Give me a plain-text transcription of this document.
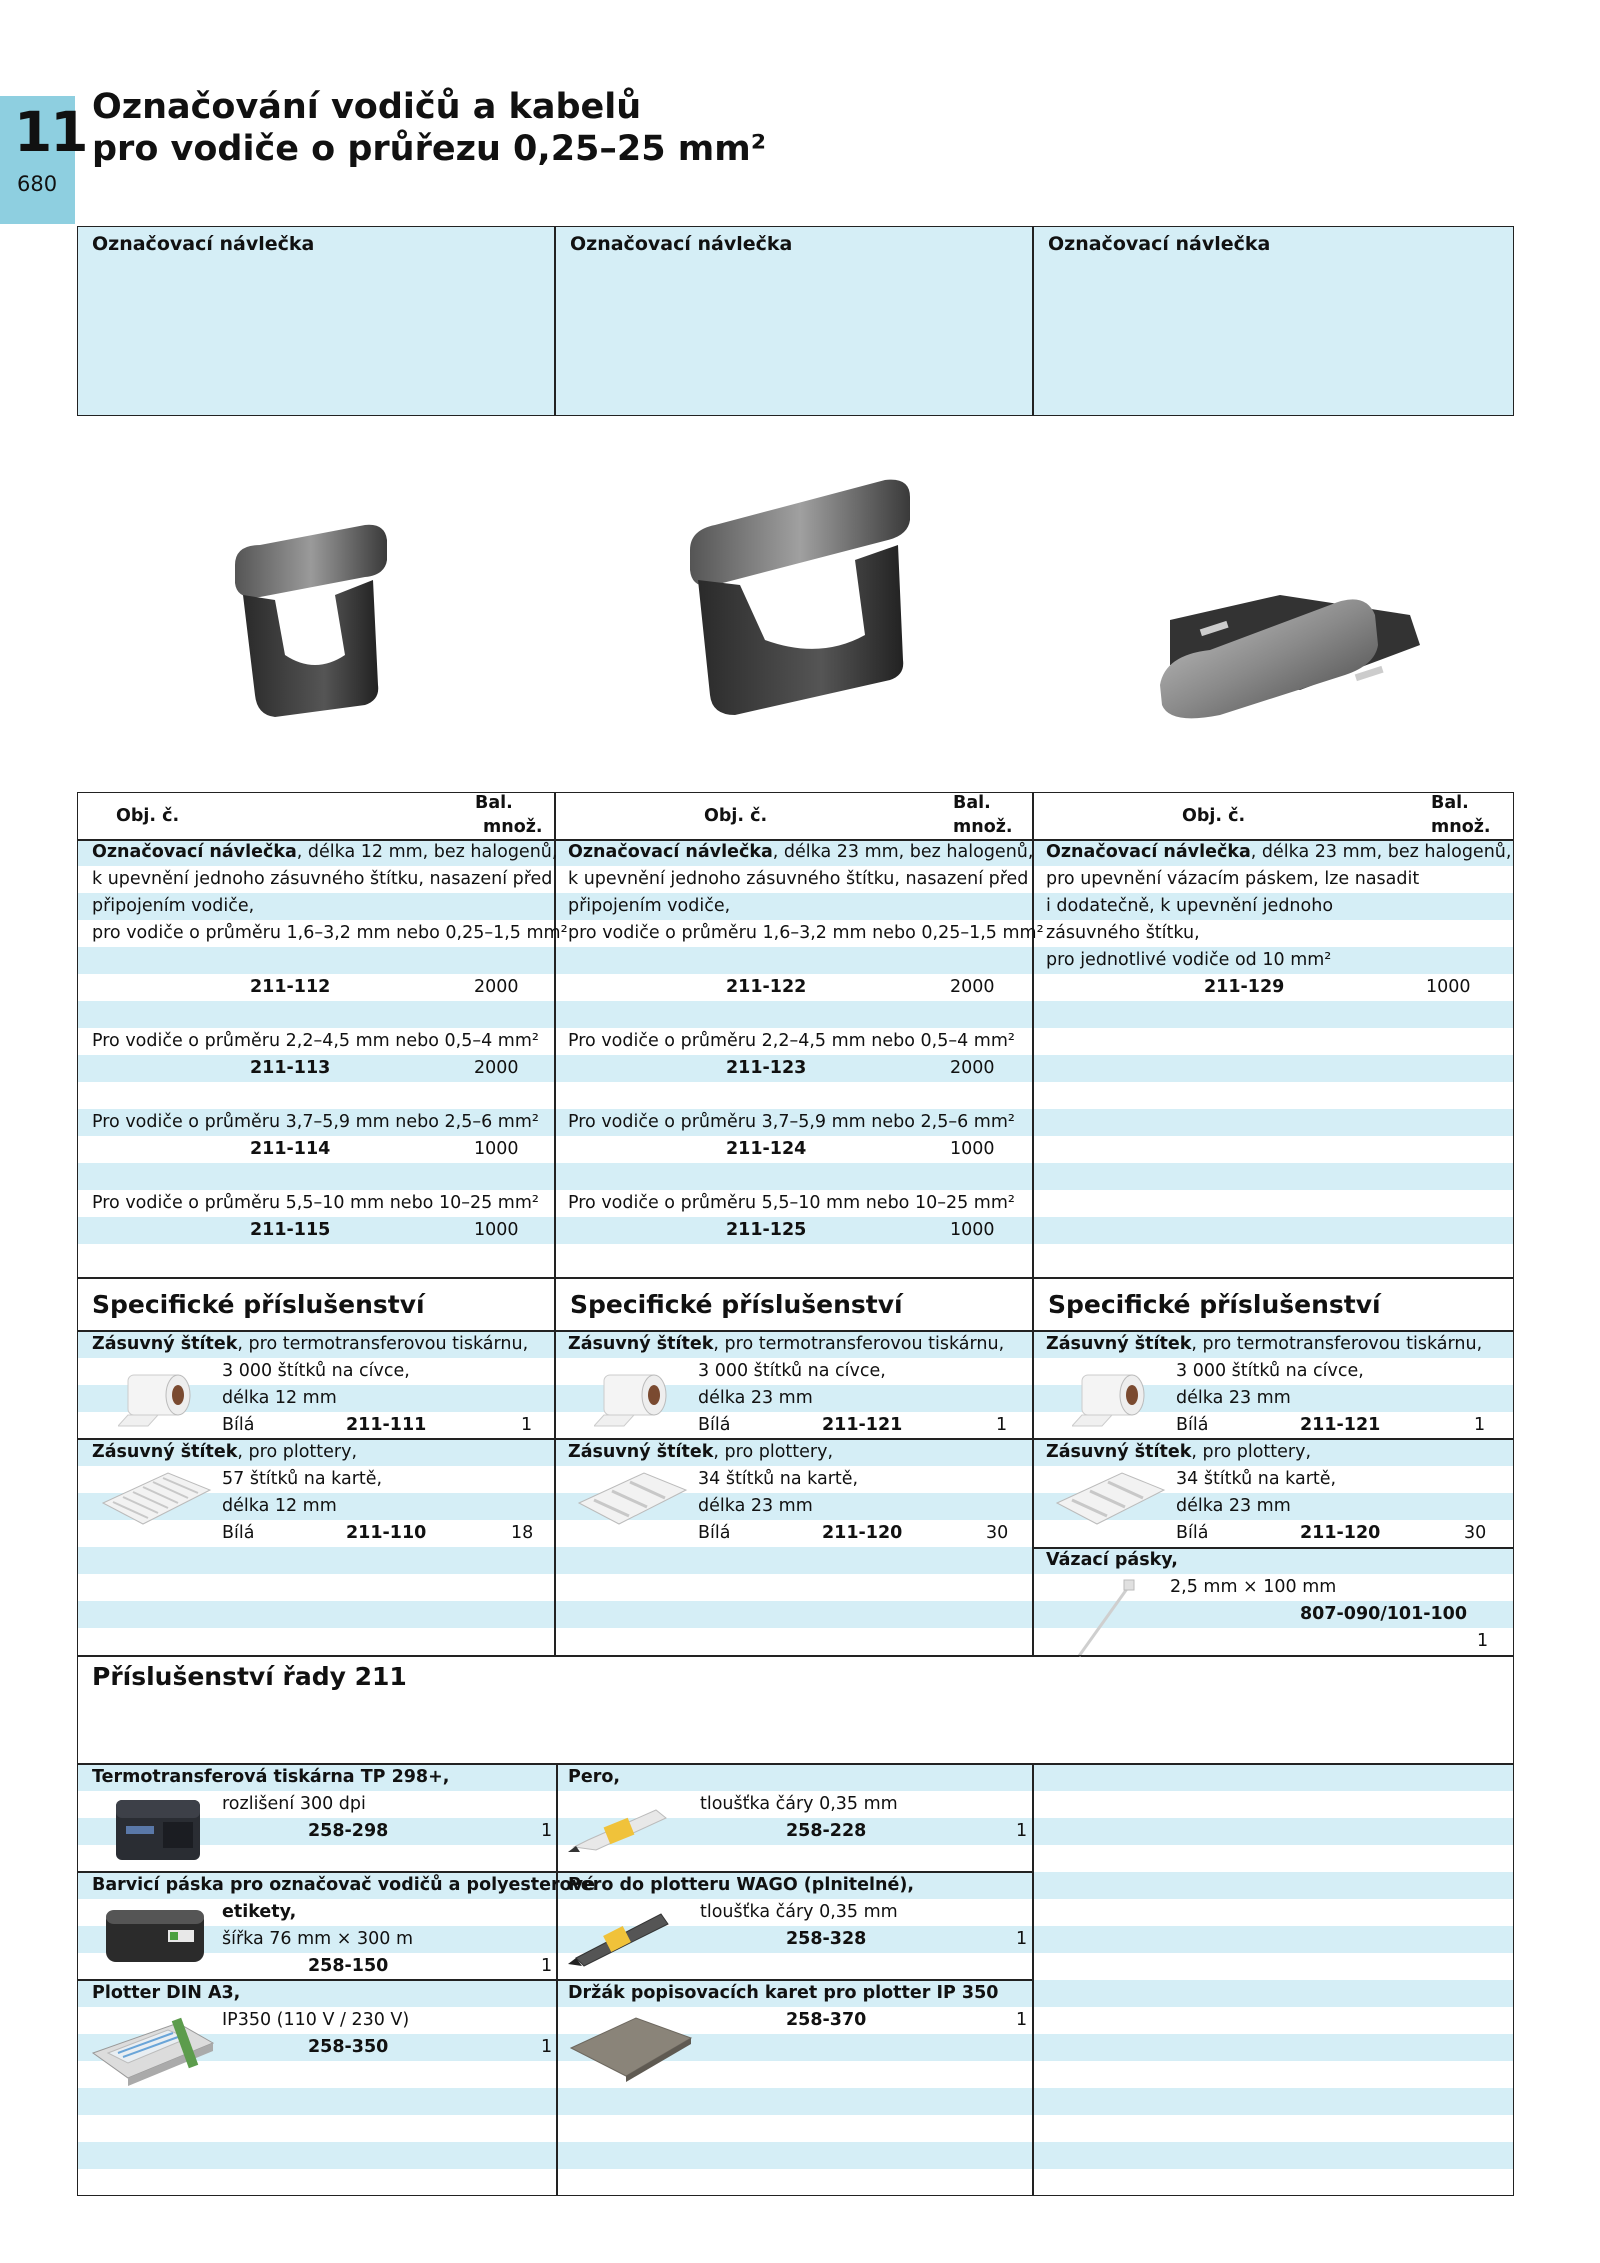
11
680
Označování vodičů a kabelů
pro vodiče o průřezu 0,25–25 mm²
Označovací návlečka	Označovací návlečka	Označovací návlečka
Obj. č.
Bal.
množ.
Označovací návlečka, délka 12 mm, bez halogenů,
k upevnění jednoho zásuvného štítku, nasazení před
připojením vodiče,
pro vodiče o průměru 1,6–3,2 mm nebo 0,25–1,5 mm²
211-112	2000
Pro vodiče o průměru 2,2–4,5 mm nebo 0,5–4 mm²
211-113	2000
Pro vodiče o průměru 3,7–5,9 mm nebo 2,5–6 mm²
211-114	1000
Pro vodiče o průměru 5,5–10 mm nebo 10–25 mm²
211-115	1000
Obj. č.
Bal.
množ.
Označovací návlečka, délka 23 mm, bez halogenů,
k upevnění jednoho zásuvného štítku, nasazení před
připojením vodiče,
pro vodiče o průměru 1,6–3,2 mm nebo 0,25–1,5 mm²
211-122	2000
Pro vodiče o průměru 2,2–4,5 mm nebo 0,5–4 mm²
211-123	2000
Pro vodiče o průměru 3,7–5,9 mm nebo 2,5–6 mm²
211-124	1000
Pro vodiče o průměru 5,5–10 mm nebo 10–25 mm²
211-125	1000
Obj. č.
Bal.
množ.
Označovací návlečka, délka 23 mm, bez halogenů,
pro upevnění vázacím páskem, lze nasadit
i dodatečně, k upevnění jednoho
zásuvného štítku,
pro jednotlivé vodiče od 10 mm²
211-129	1000
Specifické příslušenství	Specifické příslušenství	Specifické příslušenství
Zásuvný štítek, pro termotransferovou tiskárnu,
3 000 štítků na cívce,
délka 12 mm
Bílá	211-111	1
Zásuvný štítek, pro plottery,
57 štítků na kartě,
délka 12 mm
Bílá	211-110	18
Zásuvný štítek, pro termotransferovou tiskárnu,
3 000 štítků na cívce,
délka 23 mm
Bílá	211-121	1
Zásuvný štítek, pro plottery,
34 štítků na kartě,
délka 23 mm
Bílá	211-120	30
Zásuvný štítek, pro termotransferovou tiskárnu,
3 000 štítků na cívce,
délka 23 mm
Bílá	211-121	1
Zásuvný štítek, pro plottery,
34 štítků na kartě,
délka 23 mm
Bílá	211-120	30
Vázací pásky,
2,5 mm × 100 mm
807-090/101-100
1
Příslušenství řady 211
Termotransferová tiskárna TP 298+,
rozlišení 300 dpi
258-298	1
Barvicí páska pro označovač vodičů a polyesterové
etikety,
šířka 76 mm × 300 m
258-150	1
Plotter DIN A3,
IP350 (110 V / 230 V)
258-350	1
Pero,
tloušťka čáry 0,35 mm
258-228	1
Pero do plotteru WAGO (plnitelné),
tloušťka čáry 0,35 mm
258-328	1
Držák popisovacích karet pro plotter IP 350
258-370	1
